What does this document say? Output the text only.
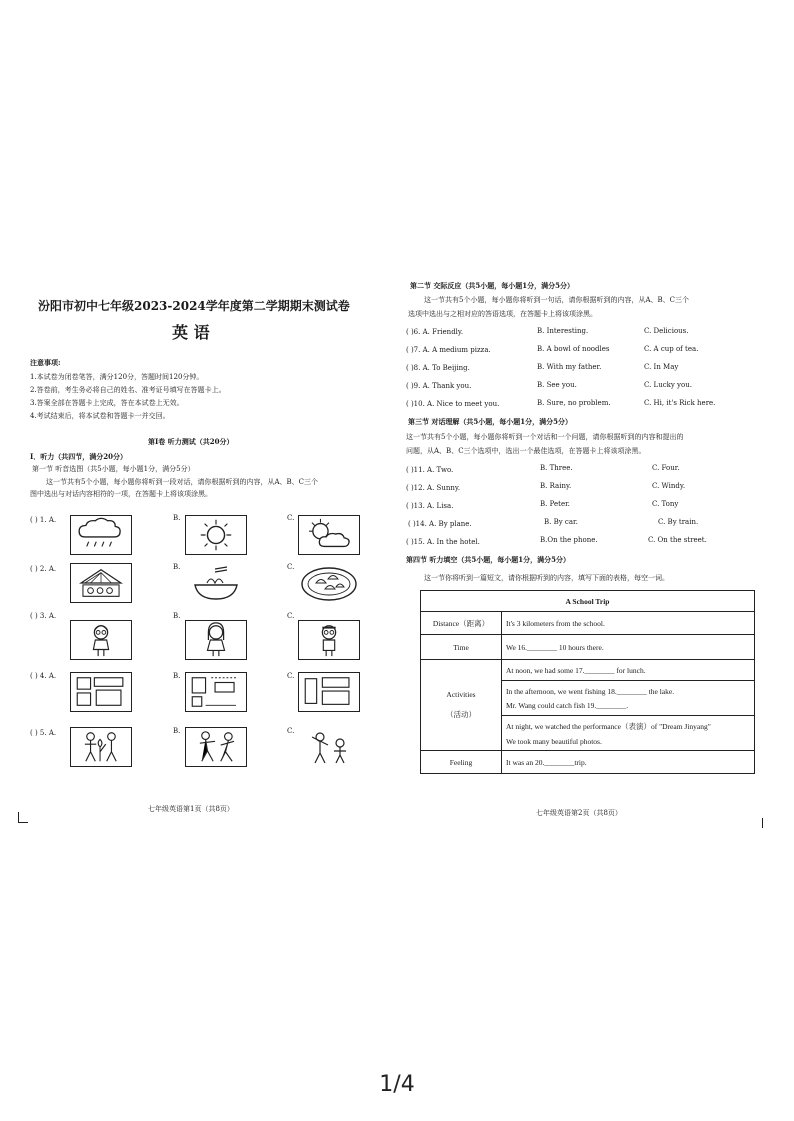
汾阳市初中七年级2023-2024学年度第二学期期末测试卷
英 语
注意事项:
1.本试卷为闭卷笔答，满分120分，答题时间120分钟。
2.答卷前，考生务必将自己的姓名、准考证号填写在答题卡上。
3.答案全部在答题卡上完成，答在本试卷上无效。
4.考试结束后，将本试卷和答题卡一并交回。
第Ⅰ卷 听力测试（共20分）
Ⅰ．听力（共四节，满分20分）
第一节 听音选图（共5小题，每小题1分，满分5分）
这一节共有5个小题，每小题你将听到一段对话，请你根据听到的内容，从A、B、C三个
图中选出与对话内容相符的一项，在答题卡上将该项涂黑。
( ) 1. A.	B.	C.
( ) 2. A.	B.	C.
( ) 3. A.	B.	C.
( ) 4. A.	B.	C.
( ) 5. A.	B.	C.
七年级英语第1页（共8页）
第二节 交际反应（共5小题，每小题1分，满分5分）
这一节共有5个小题，每小题你将听到一句话，请你根据听到的内容，从A、B、C三个
选项中选出与之相对应的答语选项，在答题卡上将该项涂黑。
( )6. A. Friendly.	B. Interesting.	C. Delicious.
( )7. A. A medium pizza.	B. A bowl of noodles	C. A cup of tea.
( )8. A. To Beijing.	B. With my father.	C. In May
( )9. A. Thank you.	B. See you.	C. Lucky you.
( )10. A. Nice to meet you.	B. Sure, no problem.	C. Hi, it's Rick here.
第三节 对话理解（共5小题，每小题1分，满分5分）
这一节共有5个小题，每小题你将听到一个对话和一个问题，请你根据听到的内容和提出的
问题，从A、B、C三个选项中，选出一个最佳选项，在答题卡上将该项涂黑。
( )11. A. Two.	B. Three.	C. Four.
( )12. A. Sunny.	B. Rainy.	C. Windy.
( )13. A. Lisa.	B. Peter.	C. Tony
( )14. A. By plane.	B. By car.	C. By train.
( )15. A. In the hotel.	B.On the phone.	C. On the street.
第四节 听力填空（共5小题，每小题1分，满分5分）
这一节你将听到一篇短文，请你根据听到的内容，填写下面的表格，每空一词。
A School Trip	
Distance（距离）	It's 3 kilometers from the school.
Time	We 16.________ 10 hours there.

Activities
（活动）	At noon, we had some 17.________ for lunch.

	In the afternoon, we went fishing 18.________ the lake.
Mr. Wang could catch fish 19.________.

	At night, we watched the performance（表演）of "Dream Jinyang"
We took many beautiful photos.

Feeling	It was an 20.________trip.
七年级英语第2页（共8页）
1/4
